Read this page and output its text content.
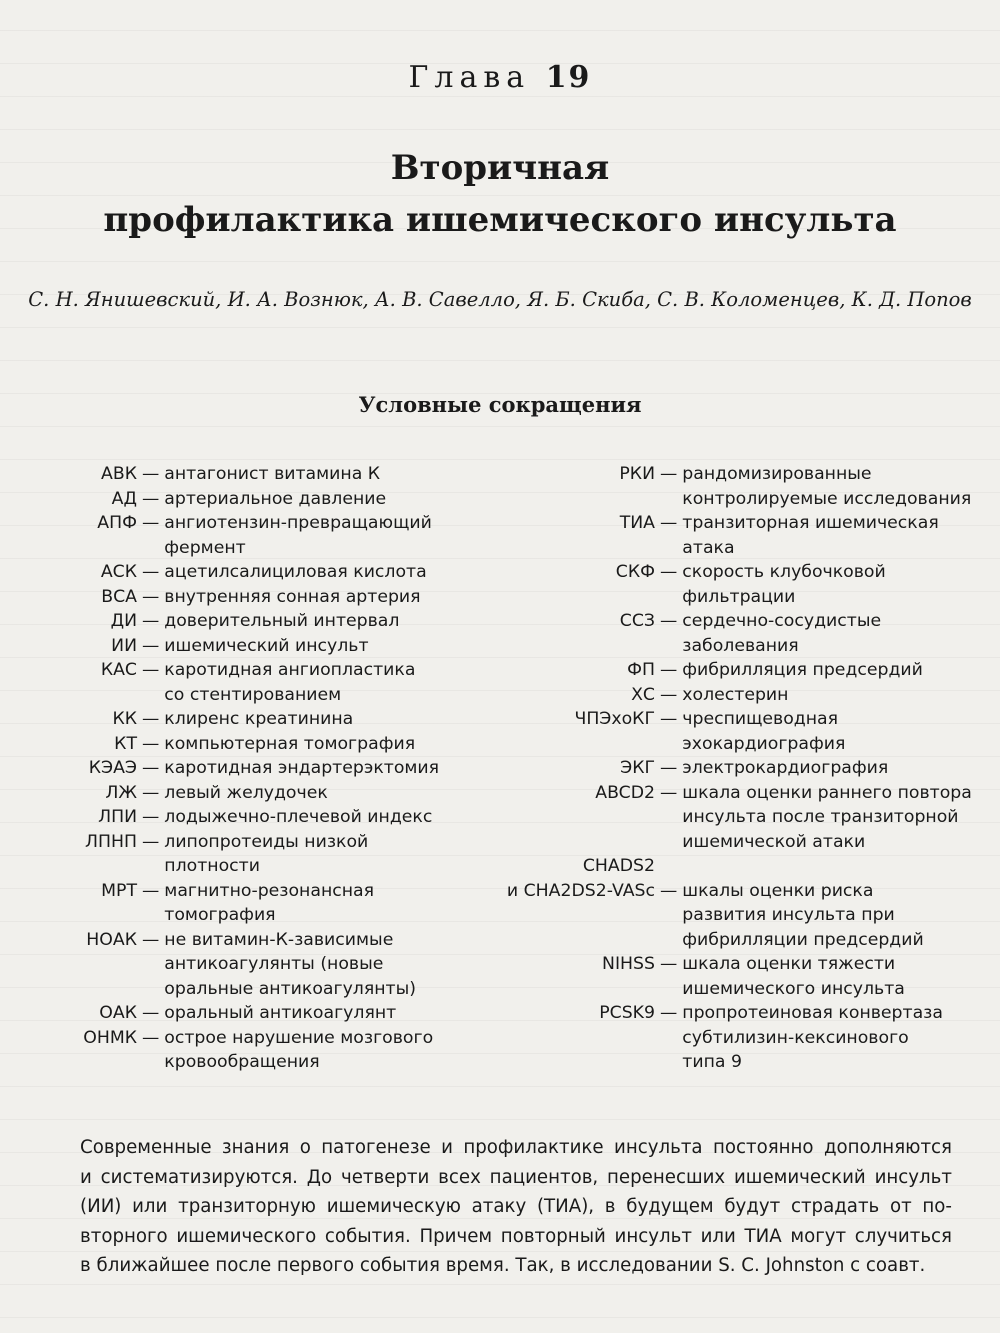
Глава 19
Вторичная
профилактика ишемического инсульта
С. Н. Янишевский, И. А. Вознюк, А. В. Савелло, Я. Б. Скиба, С. В. Коломенцев, К. Д. Попов
Условные сокращения
АВК — антагонист витамина К
АД — артериальное давление
АПФ — ангиотензин-превращающий
фермент
АСК — ацетилсалициловая кислота
ВСА — внутренняя сонная артерия
ДИ — доверительный интервал
ИИ — ишемический инсульт
КАС — каротидная ангиопластика
со стентированием
КК — клиренс креатинина
КТ — компьютерная томография
КЭАЭ — каротидная эндартерэктомия
ЛЖ — левый желудочек
ЛПИ — лодыжечно-плечевой индекс
ЛПНП — липопротеиды низкой
плотности
МРТ — магнитно-резонансная
томография
НОАК — не витамин-К-зависимые
антикоагулянты (новые
оральные антикоагулянты)
ОАК — оральный антикоагулянт
ОНМК — острое нарушение мозгового
кровообращения
РКИ — рандомизированные
контролируемые исследования
ТИА — транзиторная ишемическая
атака
СКФ — скорость клубочковой
фильтрации
ССЗ — сердечно-сосудистые
заболевания
ФП — фибрилляция предсердий
ХС — холестерин
ЧПЭхоКГ — чреспищеводная
эхокардиография
ЭКГ — электрокардиография
ABCD2 — шкала оценки раннего повтора
инсульта после транзиторной
ишемической атаки
CHADS2
и CHA2DS2-VASc — шкалы оценки риска
развития инсульта при
фибрилляции предсердий
NIHSS — шкала оценки тяжести
ишемического инсульта
PCSK9 — пропротеиновая конвертаза
субтилизин-кексинового
типа 9
Современные знания о патогенезе и профилактике инсульта постоянно дополняются
и систематизируются. До четверти всех пациентов, перенесших ишемический инсульт
(ИИ) или транзиторную ишемическую атаку (ТИА), в будущем будут страдать от по-
вторного ишемического события. Причем повторный инсульт или ТИА могут случиться
в ближайшее после первого события время. Так, в исследовании S. C. Johnston с соавт.
